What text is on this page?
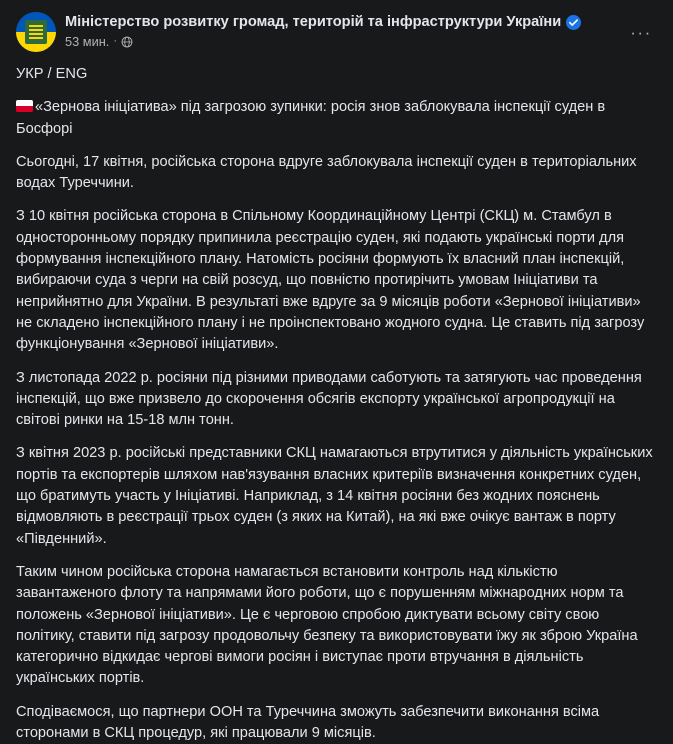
Міністерство розвитку громад, територій та інфраструктури України
53 мин. ·	···

УКР / ENG

«Зернова ініціатива» під загрозою зупинки: росія знов заблокувала інспекції суден в Босфорі

Сьогодні, 17 квітня, російська сторона вдруге заблокувала інспекції суден в територіальних водах Туреччини.

З 10 квітня російська сторона в Спільному Координаційному Центрі (СКЦ) м. Стамбул в односторонньому порядку припинила реєстрацію суден, які подають українські порти для формування інспекційного плану. Натомість росіяни формують їх власний план інспекцій, вибираючи суда з черги на свій розсуд, що повністю протирічить умовам Ініціативи та неприйнятно для України. В результаті вже вдруге за 9 місяців роботи «Зернової ініціативи» не складено інспекційного плану і не проінспектовано жодного судна. Це ставить під загрозу функціонування «Зернової ініціативи».

З листопада 2022 р. росіяни під різними приводами саботують та затягують час проведення інспекцій, що вже призвело до скорочення обсягів експорту української агропродукції на світові ринки на 15-18 млн тонн.

З квітня 2023 р. російські представники СКЦ намагаються втрутитися у діяльність українських портів та експортерів шляхом нав'язування власних критеріїв визначення конкретних суден, що братимуть участь у Ініціативі. Наприклад, з 14 квітня росіяни без жодних пояснень відмовляють в реєстрації трьох суден (з яких на Китай), на які вже очікує вантаж в порту «Південний».

Таким чином російська сторона намагається встановити контроль над кількістю завантаженого флоту та напрямами його роботи, що є порушенням міжнародних норм та положень «Зернової ініціативи». Це є черговою спробою диктувати всьому світу свою політику, ставити під загрозу продовольчу безпеку та використовувати їжу як зброю Україна категорично відкидає чергові вимоги росіян і виступає проти втручання в діяльність українських портів.

Сподіваємося, що партнери ООН та Туреччина зможуть забезпечити виконання всіма сторонами в СКЦ процедур, які працювали 9 місяців.
